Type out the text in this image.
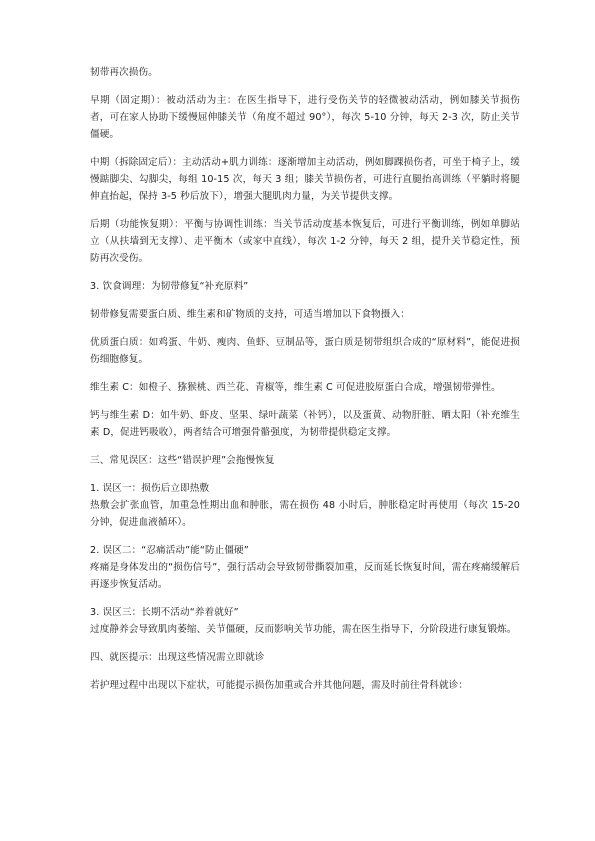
韧带再次损伤。

早期（固定期）：被动活动为主：在医生指导下，进行受伤关节的轻微被动活动，例如膝关节损伤者，可在家人协助下缓慢屈伸膝关节（角度不超过 90°），每次 5-10 分钟，每天 2-3 次，防止关节僵硬。

中期（拆除固定后）：主动活动+肌力训练：逐渐增加主动活动，例如脚踝损伤者，可坐于椅子上，缓慢踮脚尖、勾脚尖，每组 10-15 次，每天 3 组；膝关节损伤者，可进行直腿抬高训练（平躺时将腿伸直抬起，保持 3-5 秒后放下），增强大腿肌肉力量，为关节提供支撑。

后期（功能恢复期）：平衡与协调性训练：当关节活动度基本恢复后，可进行平衡训练，例如单脚站立（从扶墙到无支撑）、走平衡木（或家中直线），每次 1-2 分钟，每天 2 组，提升关节稳定性，预防再次受伤。

3. 饮食调理：为韧带修复“补充原料”

韧带修复需要蛋白质、维生素和矿物质的支持，可适当增加以下食物摄入：

优质蛋白质：如鸡蛋、牛奶、瘦肉、鱼虾、豆制品等，蛋白质是韧带组织合成的“原材料”，能促进损伤细胞修复。

维生素 C：如橙子、猕猴桃、西兰花、青椒等，维生素 C 可促进胶原蛋白合成，增强韧带弹性。

钙与维生素 D：如牛奶、虾皮、坚果、绿叶蔬菜（补钙），以及蛋黄、动物肝脏、晒太阳（补充维生素 D，促进钙吸收），两者结合可增强骨骼强度，为韧带提供稳定支撑。

三、常见误区：这些“错误护理”会拖慢恢复

1. 误区一：损伤后立即热敷
热敷会扩张血管，加重急性期出血和肿胀，需在损伤 48 小时后，肿胀稳定时再使用（每次 15-20 分钟，促进血液循环）。
2. 误区二：“忍痛活动”能“防止僵硬”
疼痛是身体发出的“损伤信号”，强行活动会导致韧带撕裂加重，反而延长恢复时间，需在疼痛缓解后再逐步恢复活动。
3. 误区三：长期不活动“养着就好”
过度静养会导致肌肉萎缩、关节僵硬，反而影响关节功能，需在医生指导下，分阶段进行康复锻炼。

四、就医提示：出现这些情况需立即就诊

若护理过程中出现以下症状，可能提示损伤加重或合并其他问题，需及时前往骨科就诊：
